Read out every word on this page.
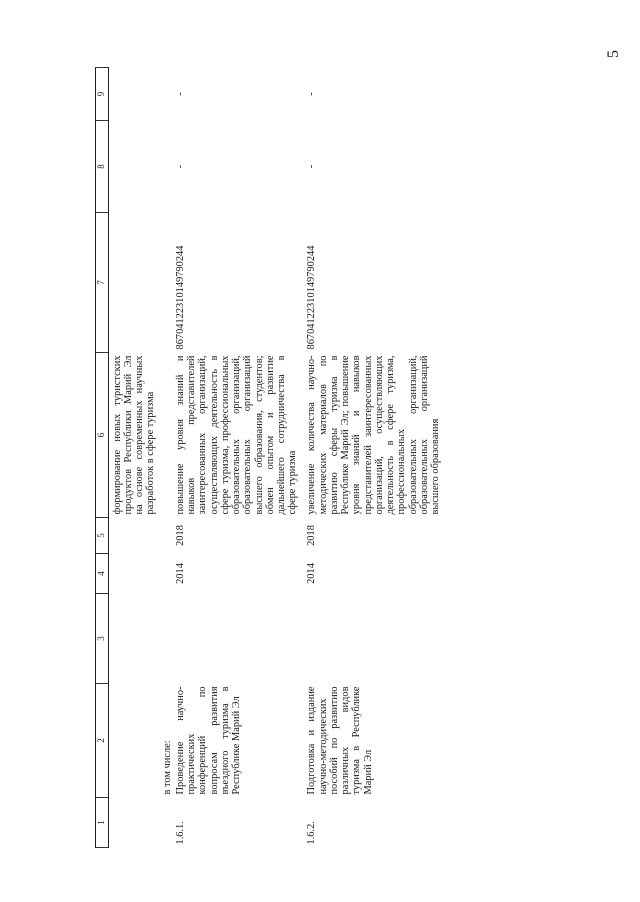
5
1	2	3	4	5	6	7	8	9
					формирование новых туристских продуктов Республики Марий Эл на основе современных научных разработок в сфере туризма			
	в том числе:							
1.6.1.	Проведение научно-практических конференций по вопросам развития въездного туризма в Республике Марий Эл		2014	2018	повышение уровня знаний и навыков представителей заинтересованных организаций, осуществляющих деятельность в сфере туризма, профессиональных образовательных организаций, образовательных организаций высшего образования, студентов; обмен опытом и развитие дальнейшего сотрудничества в сфере туризма	86704122310149790244	-	-

1.6.2.	Подготовка и издание научно-методических пособий по развитию различных видов туризма в Республике Марий Эл		2014	2018	увеличение количества научно-методических материалов по развитию сферы туризма в Республике Марий Эл; повышение уровня знаний и навыков представителей заинтересованных организаций, осуществляющих деятельность в сфере туризма, профессиональных образовательных организаций, образовательных организаций высшего образования	86704122310149790244	-	-
